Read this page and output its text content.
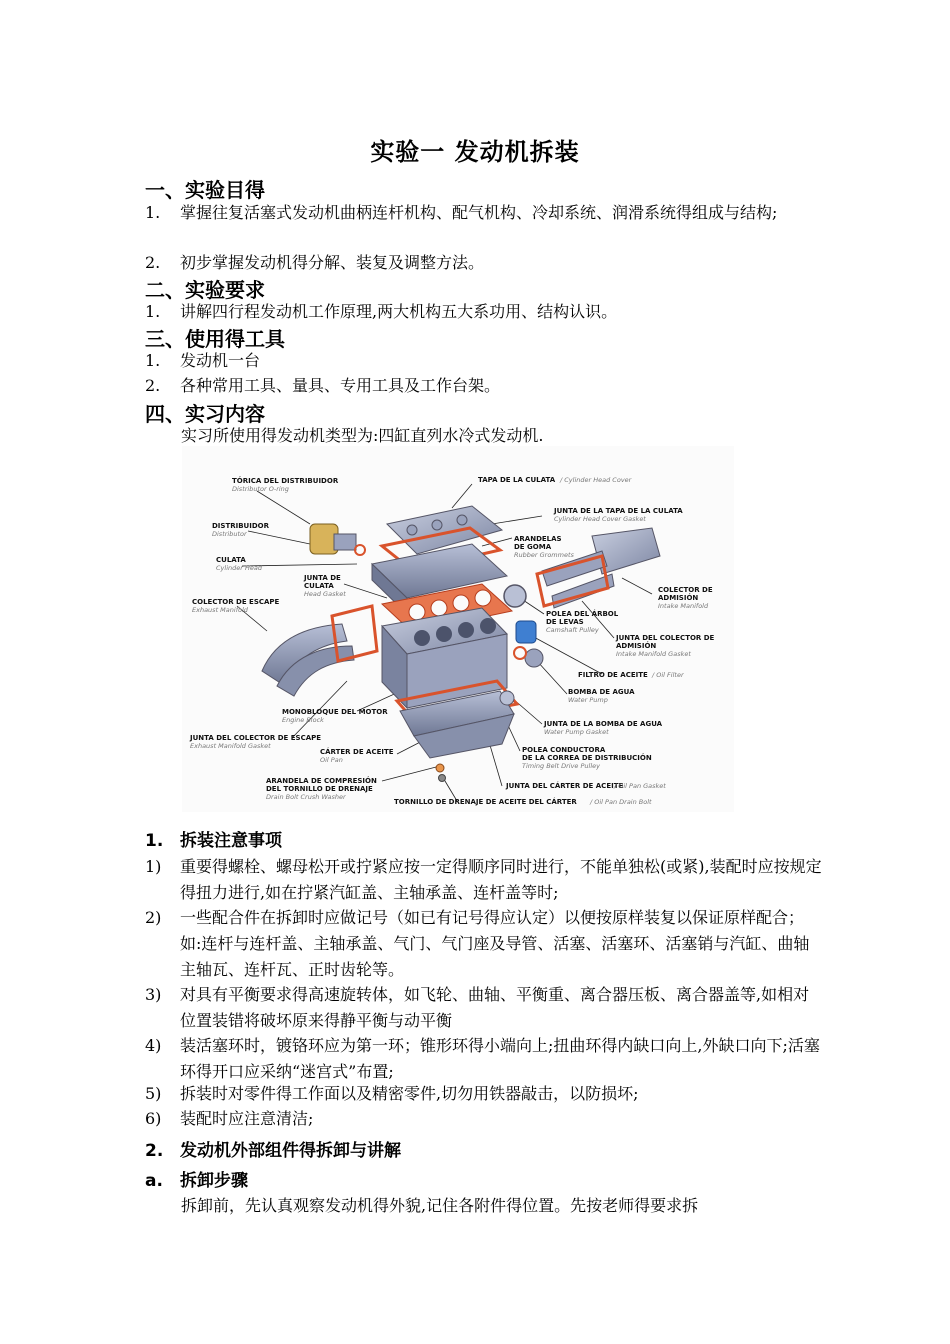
实验一 发动机拆装
一、实验目得
1. 掌握往复活塞式发动机曲柄连杆机构、配气机构、冷却系统、润滑系统得组成与结构;
2. 初步掌握发动机得分解、装复及调整方法。
二、实验要求
1. 讲解四行程发动机工作原理,两大机构五大系功用、结构认识。
三、使用得工具
1. 发动机一台
2. 各种常用工具、量具、专用工具及工作台架。
四、实习内容
实习所使用得发动机类型为:四缸直列水冷式发动机.
TÓRICA DEL DISTRIBUIDOR
Distributor O-ring
TAPA DE LA CULATA / Cylinder Head Cover
JUNTA DE LA TAPA DE LA CULATA
Cylinder Head Cover Gasket
DISTRIBUIDOR
Distributor
ARANDELAS
DE GOMA
Rubber Grommets
CULATA
Cylinder Head
JUNTA DE
CULATA
Head Gasket	COLECTOR DE
ADMISIÓN
Intake Manifold
COLECTOR DE ESCAPE
Exhaust Manifold	POLEA DEL ÁRBOL
DE LEVAS
Camshaft Pulley
JUNTA DEL COLECTOR DE
ADMISIÓN
Intake Manifold Gasket
FILTRO DE ACEITE / Oil Filter
BOMBA DE AGUA
Water Pump
MONOBLOQUE DEL MOTOR
Engine Block	JUNTA DE LA BOMBA DE AGUA
Water Pump Gasket
JUNTA DEL COLECTOR DE ESCAPE
Exhaust Manifold Gasket
CÁRTER DE ACEITE
Oil Pan
POLEA CONDUCTORA
DE LA CORREA DE DISTRIBUCIÓN
Timing Belt Drive Pulley
ARANDELA DE COMPRESIÓN
DEL TORNILLO DE DRENAJE
Drain Bolt Crush Washer
JUNTA DEL CÁRTER DE ACEITE
/ Oil Pan Gasket
TORNILLO DE DRENAJE DE ACEITE DEL CÁRTER / Oil Pan Drain Bolt
1. 拆装注意事项
1) 重要得螺栓、螺母松开或拧紧应按一定得顺序同时进行，不能单独松(或紧),装配时应按规定得扭力进行,如在拧紧汽缸盖、主轴承盖、连杆盖等时;
2) 一些配合件在拆卸时应做记号（如已有记号得应认定）以便按原样装复以保证原样配合；如:连杆与连杆盖、主轴承盖、气门、气门座及导管、活塞、活塞环、活塞销与汽缸、曲轴主轴瓦、连杆瓦、正时齿轮等。
3) 对具有平衡要求得高速旋转体，如飞轮、曲轴、平衡重、离合器压板、离合器盖等,如相对位置装错将破坏原来得静平衡与动平衡
4) 装活塞环时，镀铬环应为第一环；锥形环得小端向上;扭曲环得内缺口向上,外缺口向下;活塞环得开口应采纳“迷宫式”布置;
5) 拆装时对零件得工作面以及精密零件,切勿用铁器敲击，以防损坏;
6) 装配时应注意清洁;
2. 发动机外部组件得拆卸与讲解
a. 拆卸步骤
拆卸前，先认真观察发动机得外貌,记住各附件得位置。先按老师得要求拆
